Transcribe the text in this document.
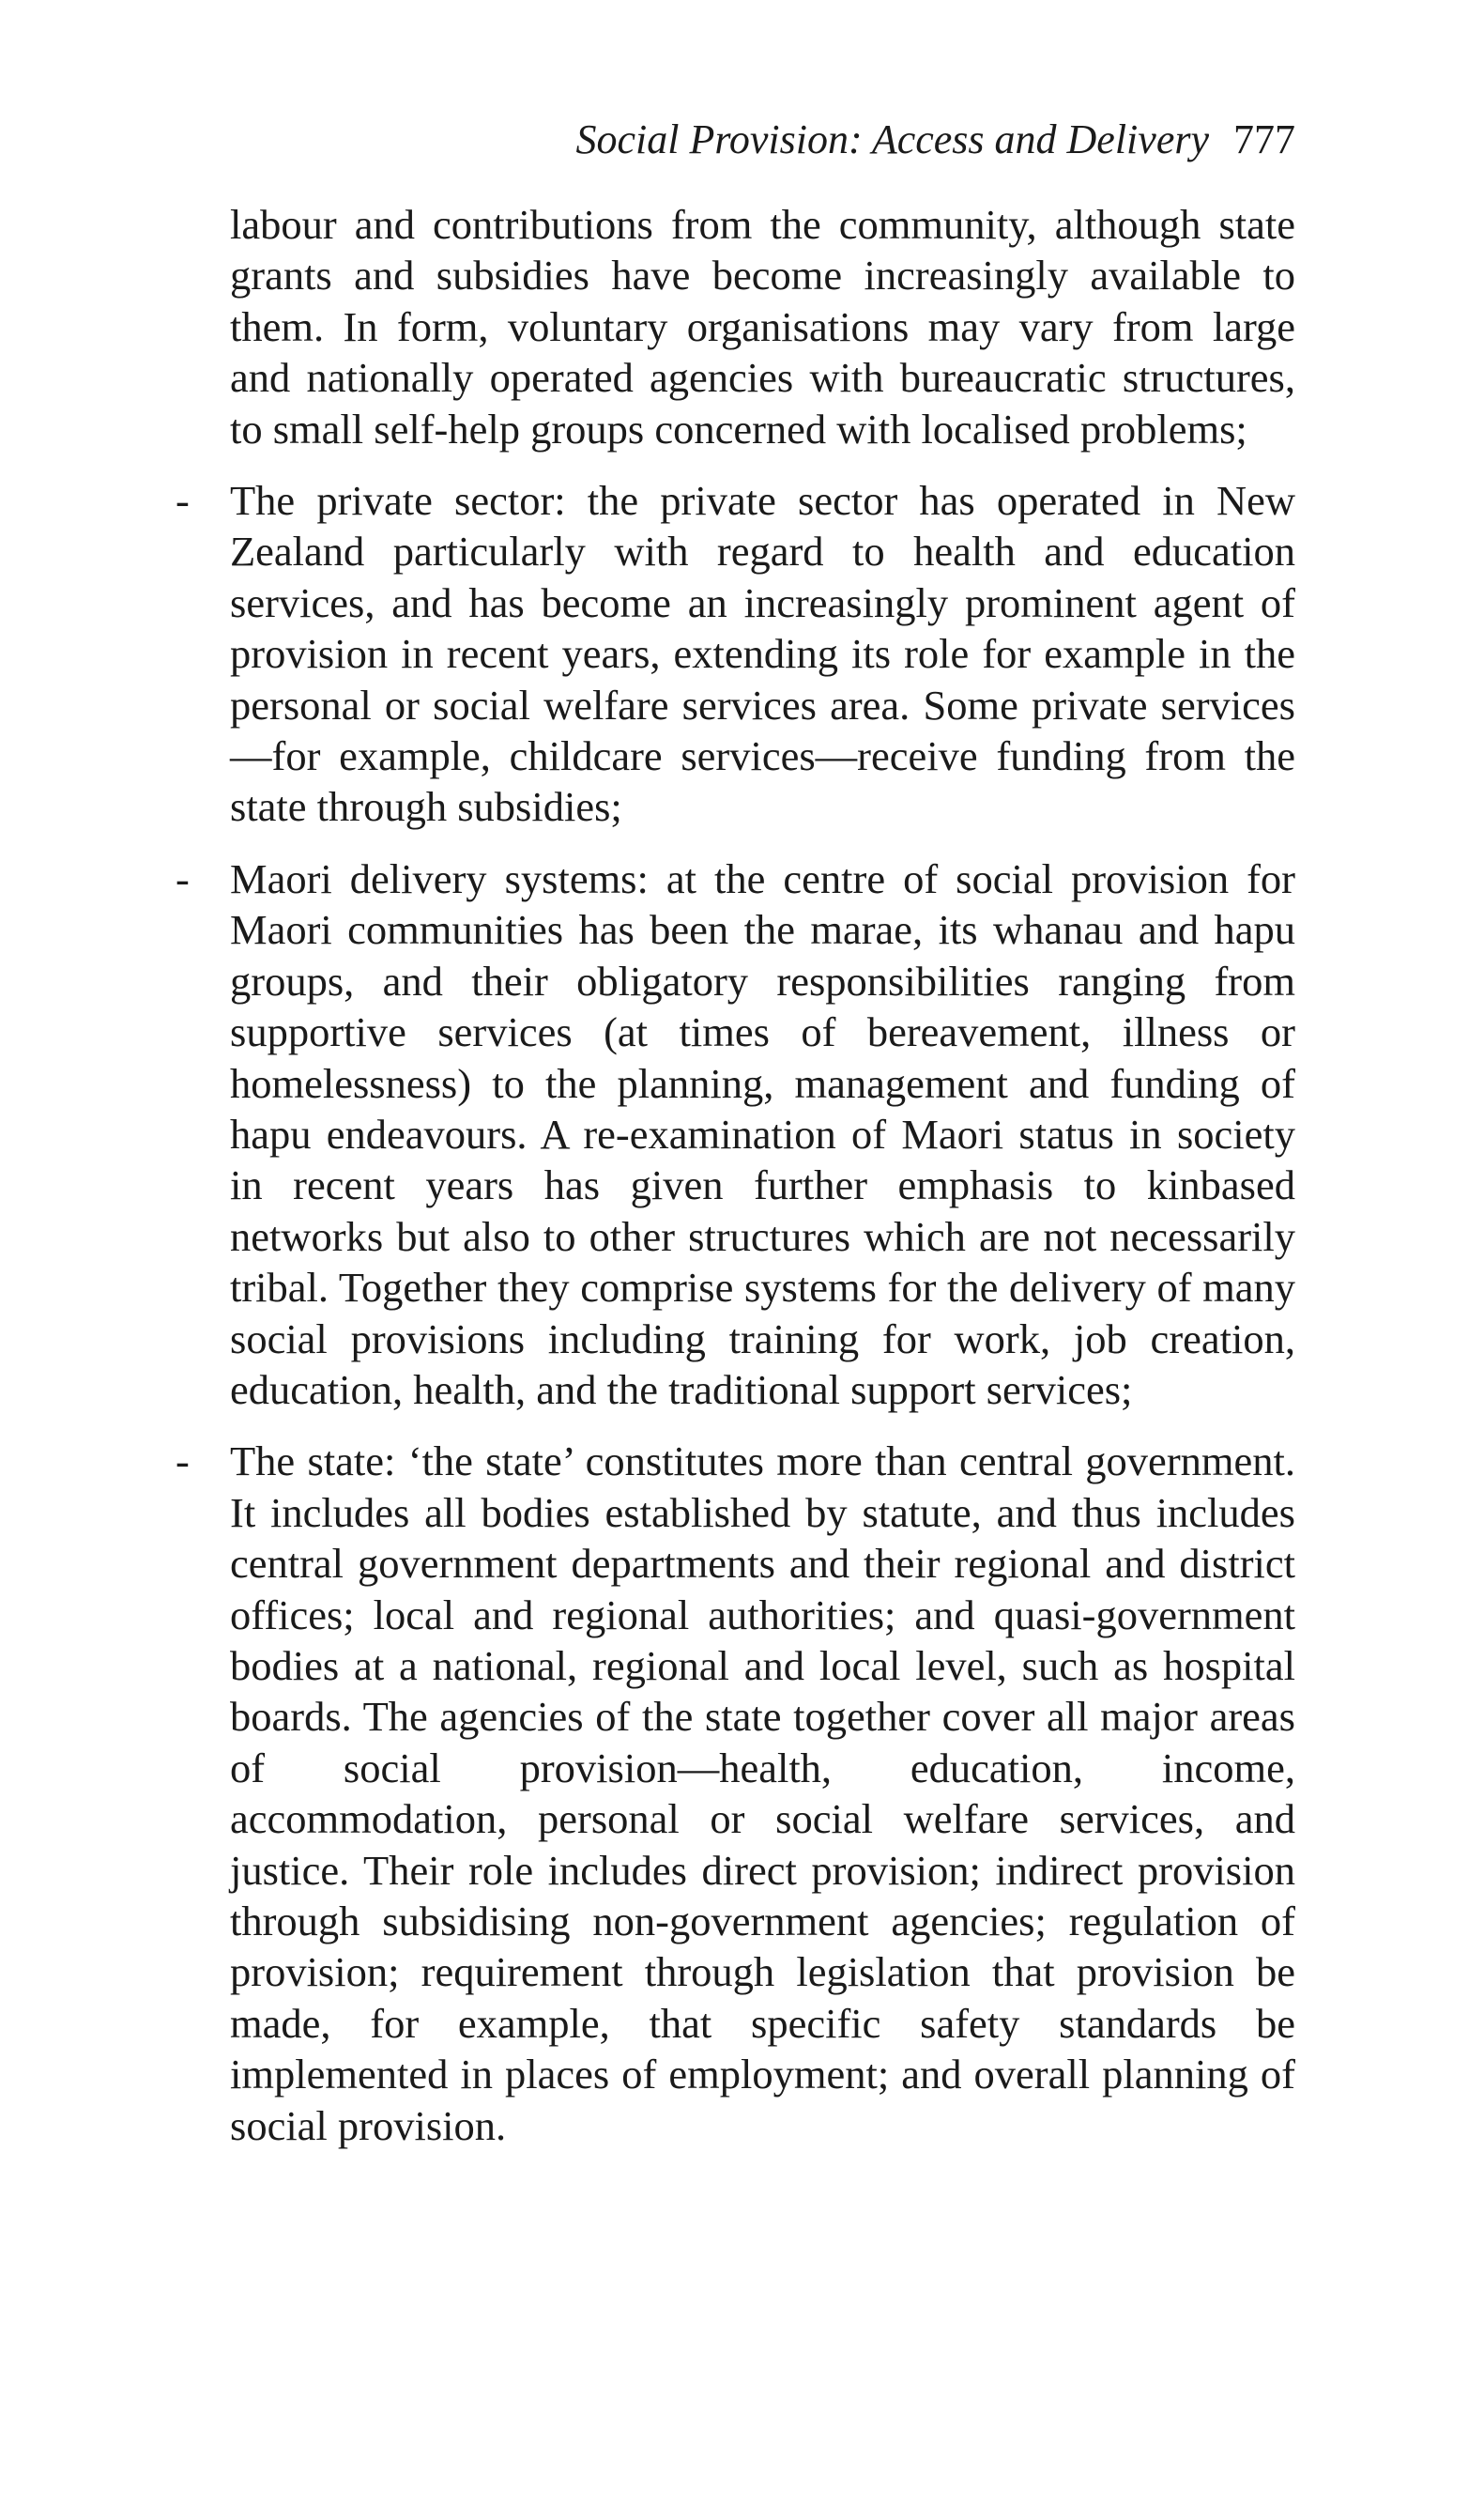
Social Provision: Access and Delivery 777

labour and contributions from the community, although state grants and subsidies have become increasingly available to them. In form, voluntary organisations may vary from large and nationally operated agencies with bureaucratic structures, to small self-help groups concerned with localised problems;

- The private sector: the private sector has operated in New Zealand particularly with regard to health and education services, and has become an increasingly prominent agent of provision in recent years, extending its role for example in the personal or social welfare services area. Some private services—for example, childcare services—receive funding from the state through subsidies;

- Maori delivery systems: at the centre of social provision for Maori communities has been the marae, its whanau and hapu groups, and their obligatory responsibilities ranging from supportive services (at times of bereavement, illness or homelessness) to the planning, management and funding of hapu endeavours. A re-examination of Maori status in society in recent years has given further emphasis to kinbased networks but also to other structures which are not necessarily tribal. Together they comprise systems for the delivery of many social provisions including training for work, job creation, education, health, and the traditional support services;

- The state: ‘the state’ constitutes more than central government. It includes all bodies established by statute, and thus includes central government departments and their regional and district offices; local and regional authorities; and quasi-government bodies at a national, regional and local level, such as hospital boards. The agencies of the state together cover all major areas of social provision—health, education, income, accommodation, personal or social welfare services, and justice. Their role includes direct provision; indirect provision through subsidising non-government agencies; regulation of provision; requirement through legislation that provision be made, for example, that specific safety standards be implemented in places of employment; and overall planning of social provision.
